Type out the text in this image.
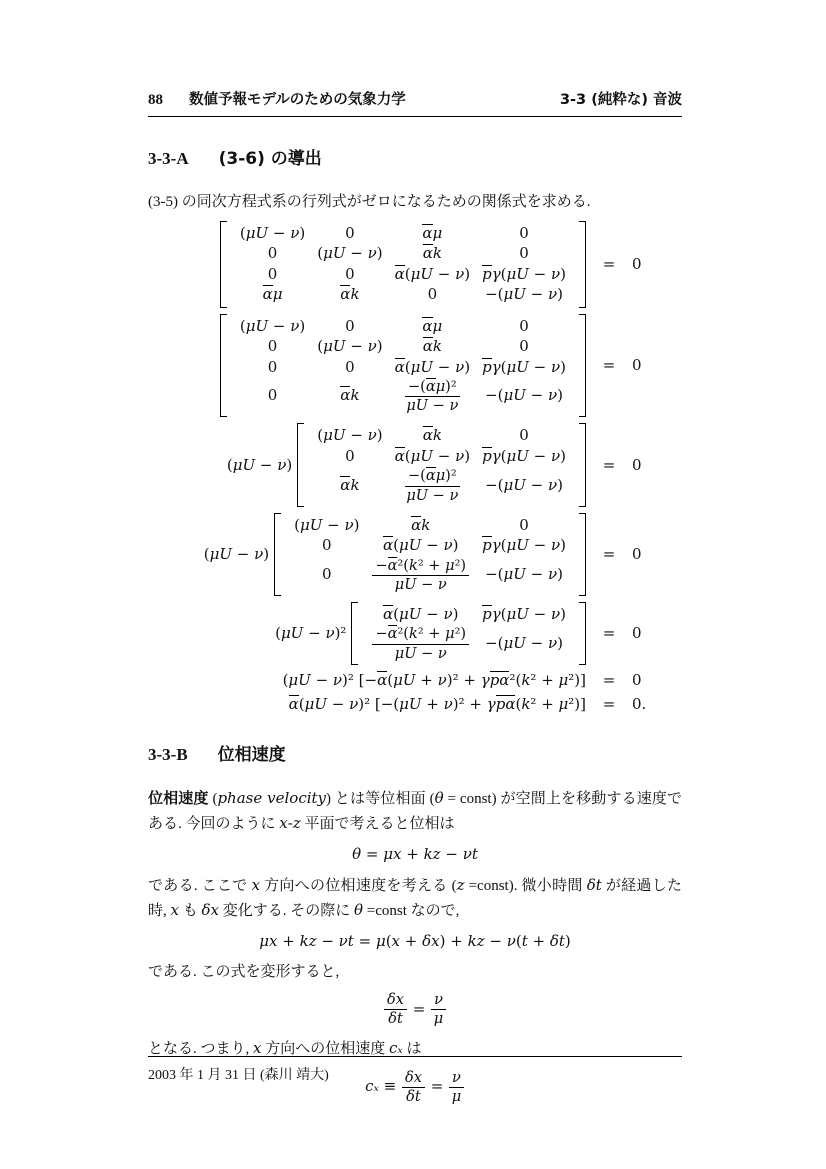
88 数値予報モデルのための気象力学	3-3 (純粋な) 音波
3-3-A (3-6) の導出
(3-5) の同次方程式系の行列式がゼロになるための関係式を求める.
(μU − ν)	0	αμ	0
0	(μU − ν)	αk	0
0	0	α(μU − ν)	pγ(μU − ν)
αμ	αk	0	−(μU − ν)
=	0
(μU − ν)	0	αμ	0
0	(μU − ν)	αk	0
0	0	α(μU − ν)	pγ(μU − ν)
0	αk	$\frac{\text{−(αμ)²}}{\mu U - \nu}$	−(μU − ν)
=	0
(μU − ν)
(μU − ν)	αk	0
0	α(μU − ν)	pγ(μU − ν)
αk	$\frac{\text{−(αμ)²}}{\mu U - \nu}$	−(μU − ν)
=	0
(μU − ν)
(μU − ν)	αk	0
0	α(μU − ν)	pγ(μU − ν)
0	$\frac{\text{−α²(k² + μ²)}}{\mu U - \nu}$	−(μU − ν)
=	0
(μU − ν)²
α(μU − ν)	pγ(μU − ν)

$\frac{\text{−α²(k² + μ²)}}{\mu U - \nu}$	−(μU − ν)
=	0
(μU − ν)² [−α(μU + ν)² + γpα²(k² + μ²)]	=	0
α(μU − ν)² [−(μU + ν)² + γpα(k² + μ²)]	=	0.
3-3-B 位相速度
位相速度 (phase velocity) とは等位相面 (θ = const) が空間上を移動する速度である. 今回のように x-z 平面で考えると位相は
θ = μx + kz − νt
である. ここで x 方向への位相速度を考える (z =const). 微小時間 δt が経過した時, x も δx 変化する. その際に θ =const なので,
μx + kz − νt = μ(x + δx) + kz − ν(t + δt)
である. この式を変形すると,
$\frac{\delta x}{\delta t} = \frac{\nu}{\mu}$
となる. つまり, x 方向への位相速度 cₓ は
$c_x \equiv \frac{\delta x}{\delta t} = \frac{\nu}{\mu}$
2003 年 1 月 31 日 (森川 靖大)
